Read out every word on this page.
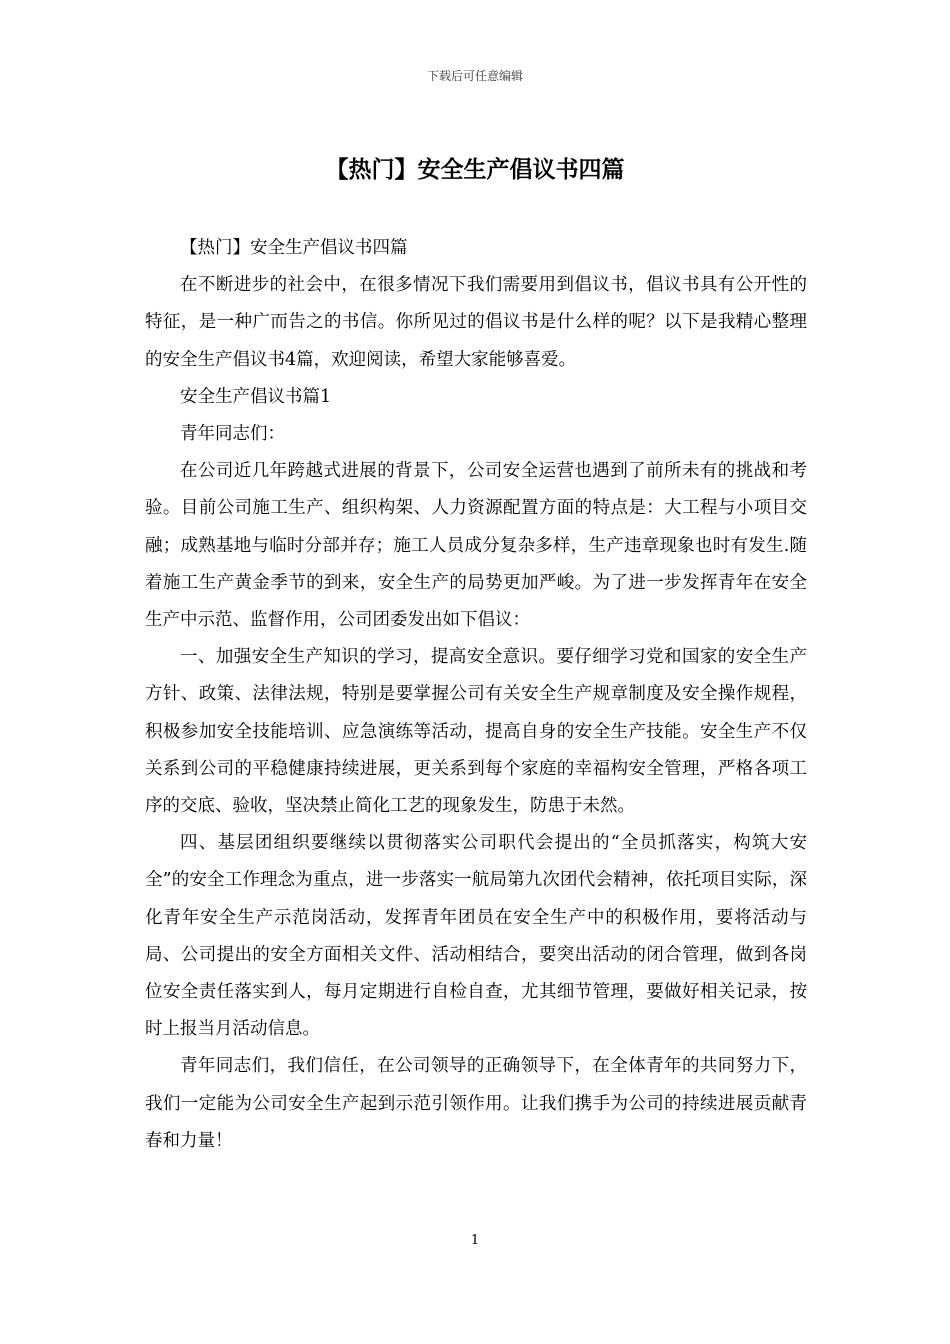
下载后可任意编辑
【热门】安全生产倡议书四篇

【热门】安全生产倡议书四篇

在不断进步的社会中，在很多情况下我们需要用到倡议书，倡议书具有公开性的特征，是一种广而告之的书信。你所见过的倡议书是什么样的呢？以下是我精心整理的安全生产倡议书4篇，欢迎阅读，希望大家能够喜爱。

安全生产倡议书篇1

青年同志们：

在公司近几年跨越式进展的背景下，公司安全运营也遇到了前所未有的挑战和考验。目前公司施工生产、组织构架、人力资源配置方面的特点是：大工程与小项目交融；成熟基地与临时分部并存；施工人员成分复杂多样，生产违章现象也时有发生.随着施工生产黄金季节的到来，安全生产的局势更加严峻。为了进一步发挥青年在安全生产中示范、监督作用，公司团委发出如下倡议：

一、加强安全生产知识的学习，提高安全意识。要仔细学习党和国家的安全生产方针、政策、法律法规，特别是要掌握公司有关安全生产规章制度及安全操作规程，积极参加安全技能培训、应急演练等活动，提高自身的安全生产技能。安全生产不仅关系到公司的平稳健康持续进展，更关系到每个家庭的幸福构安全管理，严格各项工序的交底、验收，坚决禁止简化工艺的现象发生，防患于未然。

四、基层团组织要继续以贯彻落实公司职代会提出的“全员抓落实，构筑大安全”的安全工作理念为重点，进一步落实一航局第九次团代会精神，依托项目实际，深化青年安全生产示范岗活动，发挥青年团员在安全生产中的积极作用，要将活动与局、公司提出的安全方面相关文件、活动相结合，要突出活动的闭合管理，做到各岗位安全责任落实到人，每月定期进行自检自查，尤其细节管理，要做好相关记录，按时上报当月活动信息。

青年同志们，我们信任，在公司领导的正确领导下，在全体青年的共同努力下，我们一定能为公司安全生产起到示范引领作用。让我们携手为公司的持续进展贡献青春和力量！

1
